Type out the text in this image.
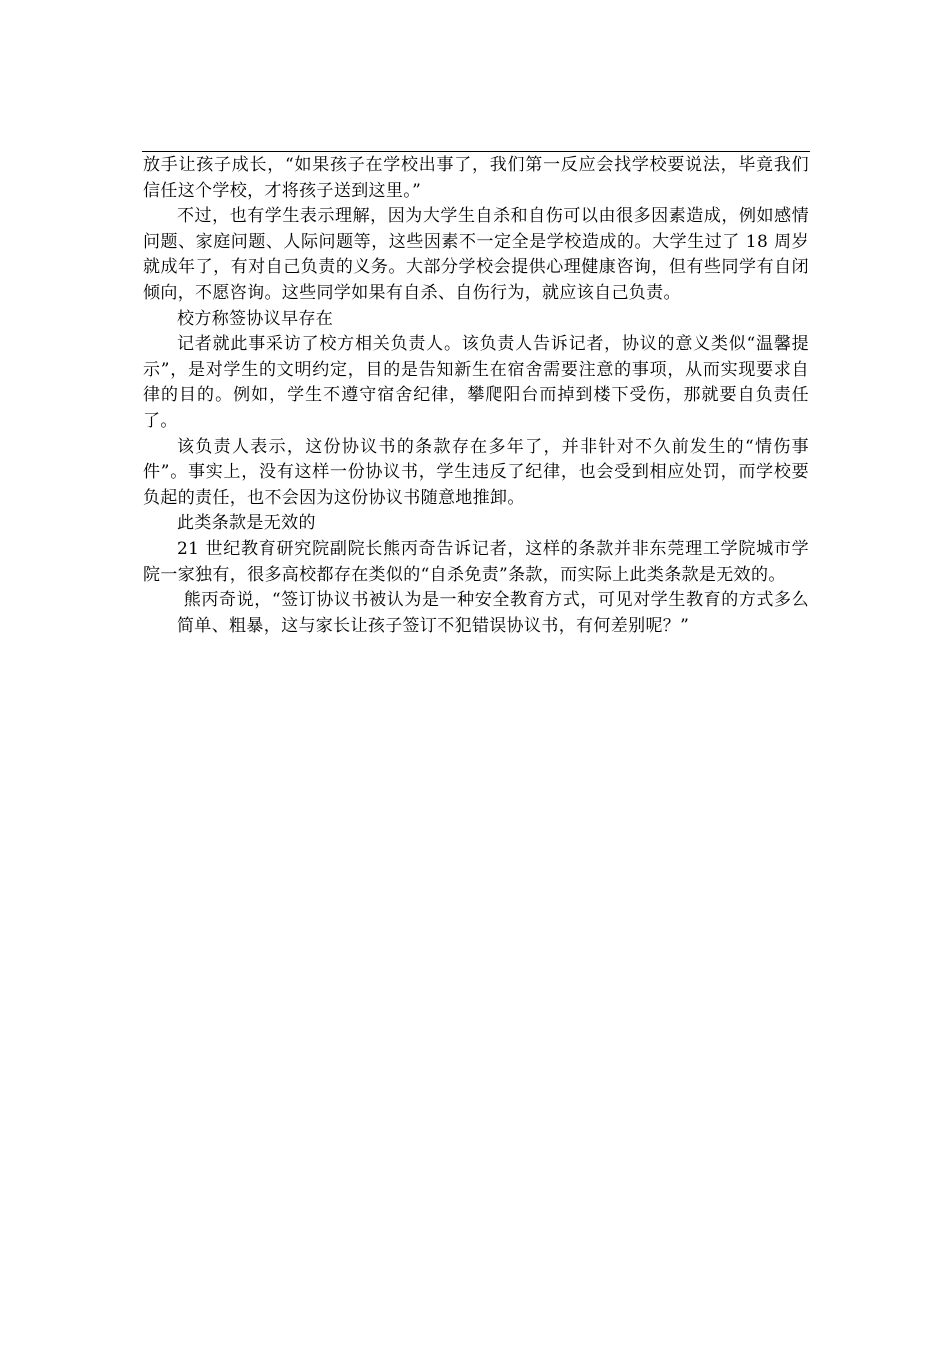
放手让孩子成长，“如果孩子在学校出事了，我们第一反应会找学校要说法，毕竟我们信任这个学校，才将孩子送到这里。”

不过，也有学生表示理解，因为大学生自杀和自伤可以由很多因素造成，例如感情问题、家庭问题、人际问题等，这些因素不一定全是学校造成的。大学生过了 18 周岁就成年了，有对自己负责的义务。大部分学校会提供心理健康咨询，但有些同学有自闭倾向，不愿咨询。这些同学如果有自杀、自伤行为，就应该自己负责。

校方称签协议早存在

记者就此事采访了校方相关负责人。该负责人告诉记者，协议的意义类似“温馨提示”，是对学生的文明约定，目的是告知新生在宿舍需要注意的事项，从而实现要求自律的目的。例如，学生不遵守宿舍纪律，攀爬阳台而掉到楼下受伤，那就要自负责任了。

该负责人表示，这份协议书的条款存在多年了，并非针对不久前发生的“情伤事件”。事实上，没有这样一份协议书，学生违反了纪律，也会受到相应处罚，而学校要负起的责任，也不会因为这份协议书随意地推卸。

此类条款是无效的

21 世纪教育研究院副院长熊丙奇告诉记者，这样的条款并非东莞理工学院城市学院一家独有，很多高校都存在类似的“自杀免责”条款，而实际上此类条款是无效的。

熊丙奇说，“签订协议书被认为是一种安全教育方式，可见对学生教育的方式多么简单、粗暴，这与家长让孩子签订不犯错误协议书，有何差别呢？”
